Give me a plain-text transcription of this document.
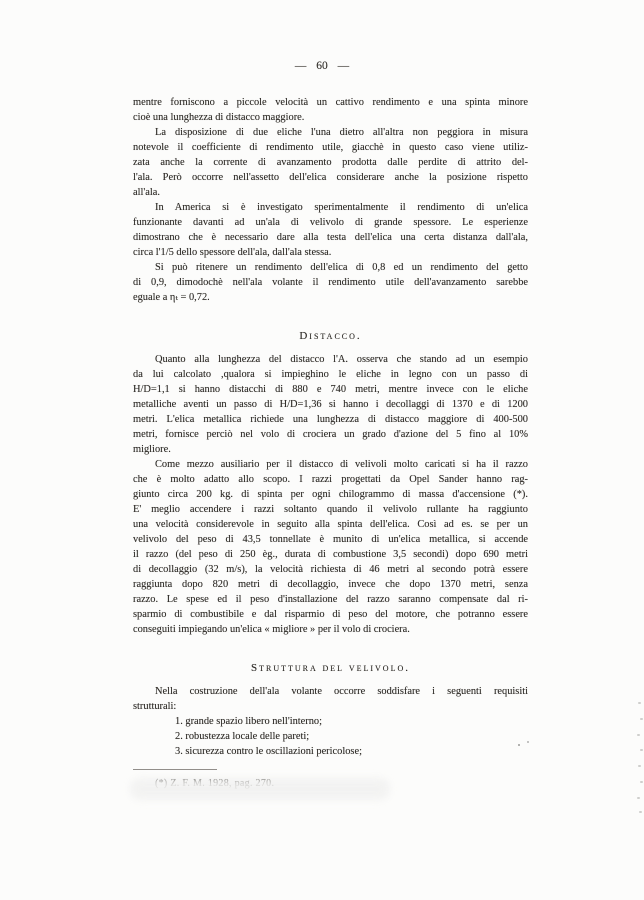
— 60 —
mentre forniscono a piccole velocità un cattivo rendimento e una spinta minore
cioè una lunghezza di distacco maggiore.
La disposizione di due eliche l'una dietro all'altra non peggiora in misura
notevole il coefficiente di rendimento utile, giacchè in questo caso viene utiliz-
zata anche la corrente di avanzamento prodotta dalle perdite di attrito del-
l'ala. Però occorre nell'assetto dell'elica considerare anche la posizione rispetto
all'ala.
In America si è investigato sperimentalmente il rendimento di un'elica
funzionante davanti ad un'ala di velivolo di grande spessore. Le esperienze
dimostrano che è necessario dare alla testa dell'elica una certa distanza dall'ala,
circa l'1/5 dello spessore dell'ala, dall'ala stessa.
Si può ritenere un rendimento dell'elica di 0,8 ed un rendimento del getto
di 0,9, dimodochè nell'ala volante il rendimento utile dell'avanzamento sarebbe
eguale a ηₜ = 0,72.
Distacco.
Quanto alla lunghezza del distacco l'A. osserva che stando ad un esempio
da lui calcolato ,qualora si impieghino le eliche in legno con un passo di
H/D=1,1 si hanno distacchi di 880 e 740 metri, mentre invece con le eliche
metalliche aventi un passo di H/D=1,36 si hanno i decollaggi di 1370 e di 1200
metri. L'elica metallica richiede una lunghezza di distacco maggiore di 400-500
metri, fornisce perciò nel volo di crociera un grado d'azione del 5 fino al 10%
migliore.
Come mezzo ausiliario per il distacco di velivoli molto caricati si ha il razzo
che è molto adatto allo scopo. I razzi progettati da Opel Sander hanno rag-
giunto circa 200 kg. di spinta per ogni chilogrammo di massa d'accensione (*).
E' meglio accendere i razzi soltanto quando il velivolo rullante ha raggiunto
una velocità considerevole in seguito alla spinta dell'elica. Così ad es. se per un
velivolo del peso di 43,5 tonnellate è munito di un'elica metallica, si accende
il razzo (del peso di 250 èg., durata di combustione 3,5 secondi) dopo 690 metri
di decollaggio (32 m/s), la velocità richiesta di 46 metri al secondo potrà essere
raggiunta dopo 820 metri di decollaggio, invece che dopo 1370 metri, senza
razzo. Le spese ed il peso d'installazione del razzo saranno compensate dal ri-
sparmio di combustibile e dal risparmio di peso del motore, che potranno essere
conseguiti impiegando un'elica « migliore » per il volo di crociera.
Struttura del velivolo.
Nella costruzione dell'ala volante occorre soddisfare i seguenti requisiti
strutturali:
1. grande spazio libero nell'interno;
2. robustezza locale delle pareti;
3. sicurezza contro le oscillazioni pericolose;
